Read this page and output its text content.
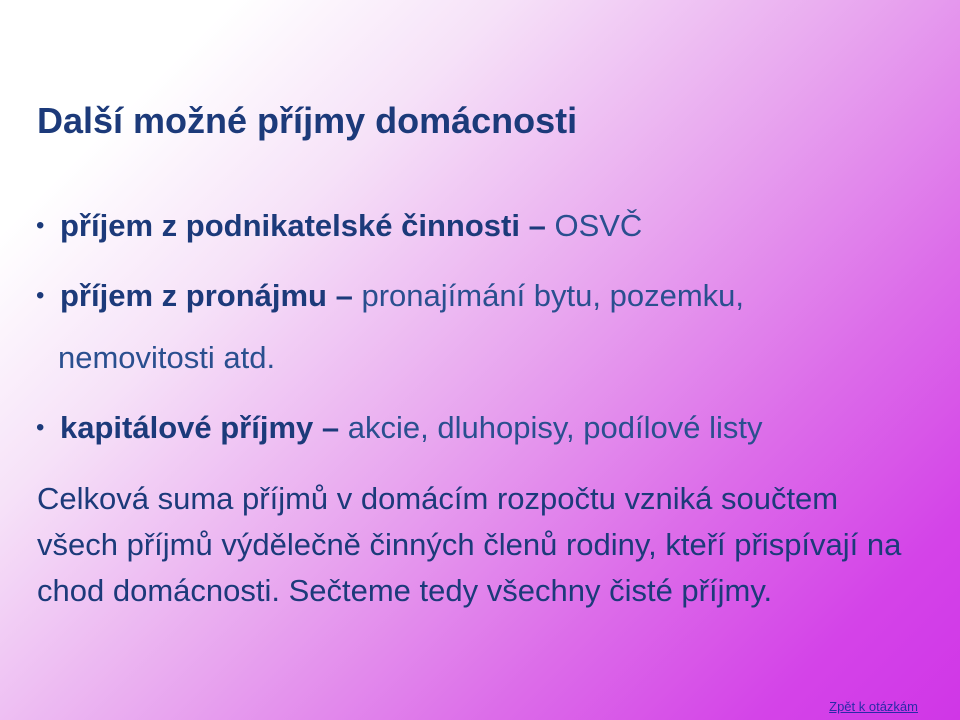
Další možné příjmy domácnosti
• příjem z podnikatelské činnosti – OSVČ
• příjem z pronájmu – pronajímání bytu, pozemku,
• kapitálové příjmy – akcie, dluhopisy, podílové listy
nemovitosti atd.

Celková suma příjmů v domácím rozpočtu vzniká součtem všech příjmů výdělečně činných členů rodiny, kteří přispívají na chod domácnosti. Sečteme tedy všechny čisté příjmy.

Zpět k otázkám
